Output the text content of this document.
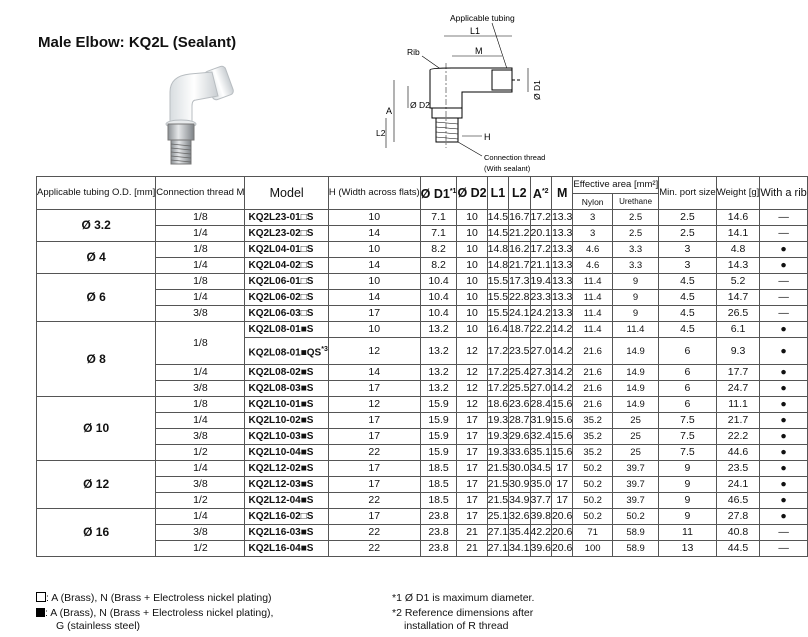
Male Elbow: KQ2L (Sealant)
Applicable tubing
L1
M
Rib
A
Ø D2
L2
Ø D1
H
Connection thread
(With sealant)
Applicable tubing O.D. [mm]	Connection thread M	Model	H (Width across flats)	Ø D1$^{*1}$	Ø D2	L1	L2	$A^{*2}$	M	Effective area [mm²]		Min. port size	Weight [g]	With a rib
										Nylon	Urethane			
Ø 3.2	1/8	KQ2L23-01□S	10	7.1	10	14.5	16.7	17.2	13.3	3	2.5	2.5	14.6	—
	1/4	KQ2L23-02□S	14	7.1	10	14.5	21.2	20.1	13.3	3	2.5	2.5	14.1	—
Ø 4	1/8	KQ2L04-01□S	10	8.2	10	14.8	16.2	17.2	13.3	4.6	3.3	3	4.8	●
	1/4	KQ2L04-02□S	14	8.2	10	14.8	21.7	21.1	13.3	4.6	3.3	3	14.3	●
Ø 6	1/8	KQ2L06-01□S	10	10.4	10	15.5	17.3	19.4	13.3	11.4	9	4.5	5.2	—
	1/4	KQ2L06-02□S	14	10.4	10	15.5	22.8	23.3	13.3	11.4	9	4.5	14.7	—
	3/8	KQ2L06-03□S	17	10.4	10	15.5	24.1	24.2	13.3	11.4	9	4.5	26.5	—
Ø 8	1/8	KQ2L08-01■S	10	13.2	10	16.4	18.7	22.2	14.2	11.4	11.4	4.5	6.1	●
		KQ2L08-01■QS$^{*3}$	12	13.2	12	17.2	23.5	27.0	14.2	21.6	14.9	6	9.3	●
	1/4	KQ2L08-02■S	14	13.2	12	17.2	25.4	27.3	14.2	21.6	14.9	6	17.7	●
	3/8	KQ2L08-03■S	17	13.2	12	17.2	25.5	27.0	14.2	21.6	14.9	6	24.7	●
Ø 10	1/8	KQ2L10-01■S	12	15.9	12	18.6	23.6	28.4	15.6	21.6	14.9	6	11.1	●
	1/4	KQ2L10-02■S	17	15.9	17	19.3	28.7	31.9	15.6	35.2	25	7.5	21.7	●
	3/8	KQ2L10-03■S	17	15.9	17	19.3	29.6	32.4	15.6	35.2	25	7.5	22.2	●
	1/2	KQ2L10-04■S	22	15.9	17	19.3	33.6	35.1	15.6	35.2	25	7.5	44.6	●
Ø 12	1/4	KQ2L12-02■S	17	18.5	17	21.5	30.0	34.5	17	50.2	39.7	9	23.5	●
	3/8	KQ2L12-03■S	17	18.5	17	21.5	30.9	35.0	17	50.2	39.7	9	24.1	●
	1/2	KQ2L12-04■S	22	18.5	17	21.5	34.9	37.7	17	50.2	39.7	9	46.5	●
Ø 16	1/4	KQ2L16-02□S	17	23.8	17	25.1	32.6	39.8	20.6	50.2	50.2	9	27.8	●
	3/8	KQ2L16-03■S	22	23.8	21	27.1	35.4	42.2	20.6	71	58.9	11	40.8	—
	1/2	KQ2L16-04■S	22	23.8	21	27.1	34.1	39.6	20.6	100	58.9	13	44.5	—
: A (Brass), N (Brass + Electroless nickel plating)
: A (Brass), N (Brass + Electroless nickel plating),
G (stainless steel)
*1 Ø D1 is maximum diameter.
*2 Reference dimensions after
installation of R thread
